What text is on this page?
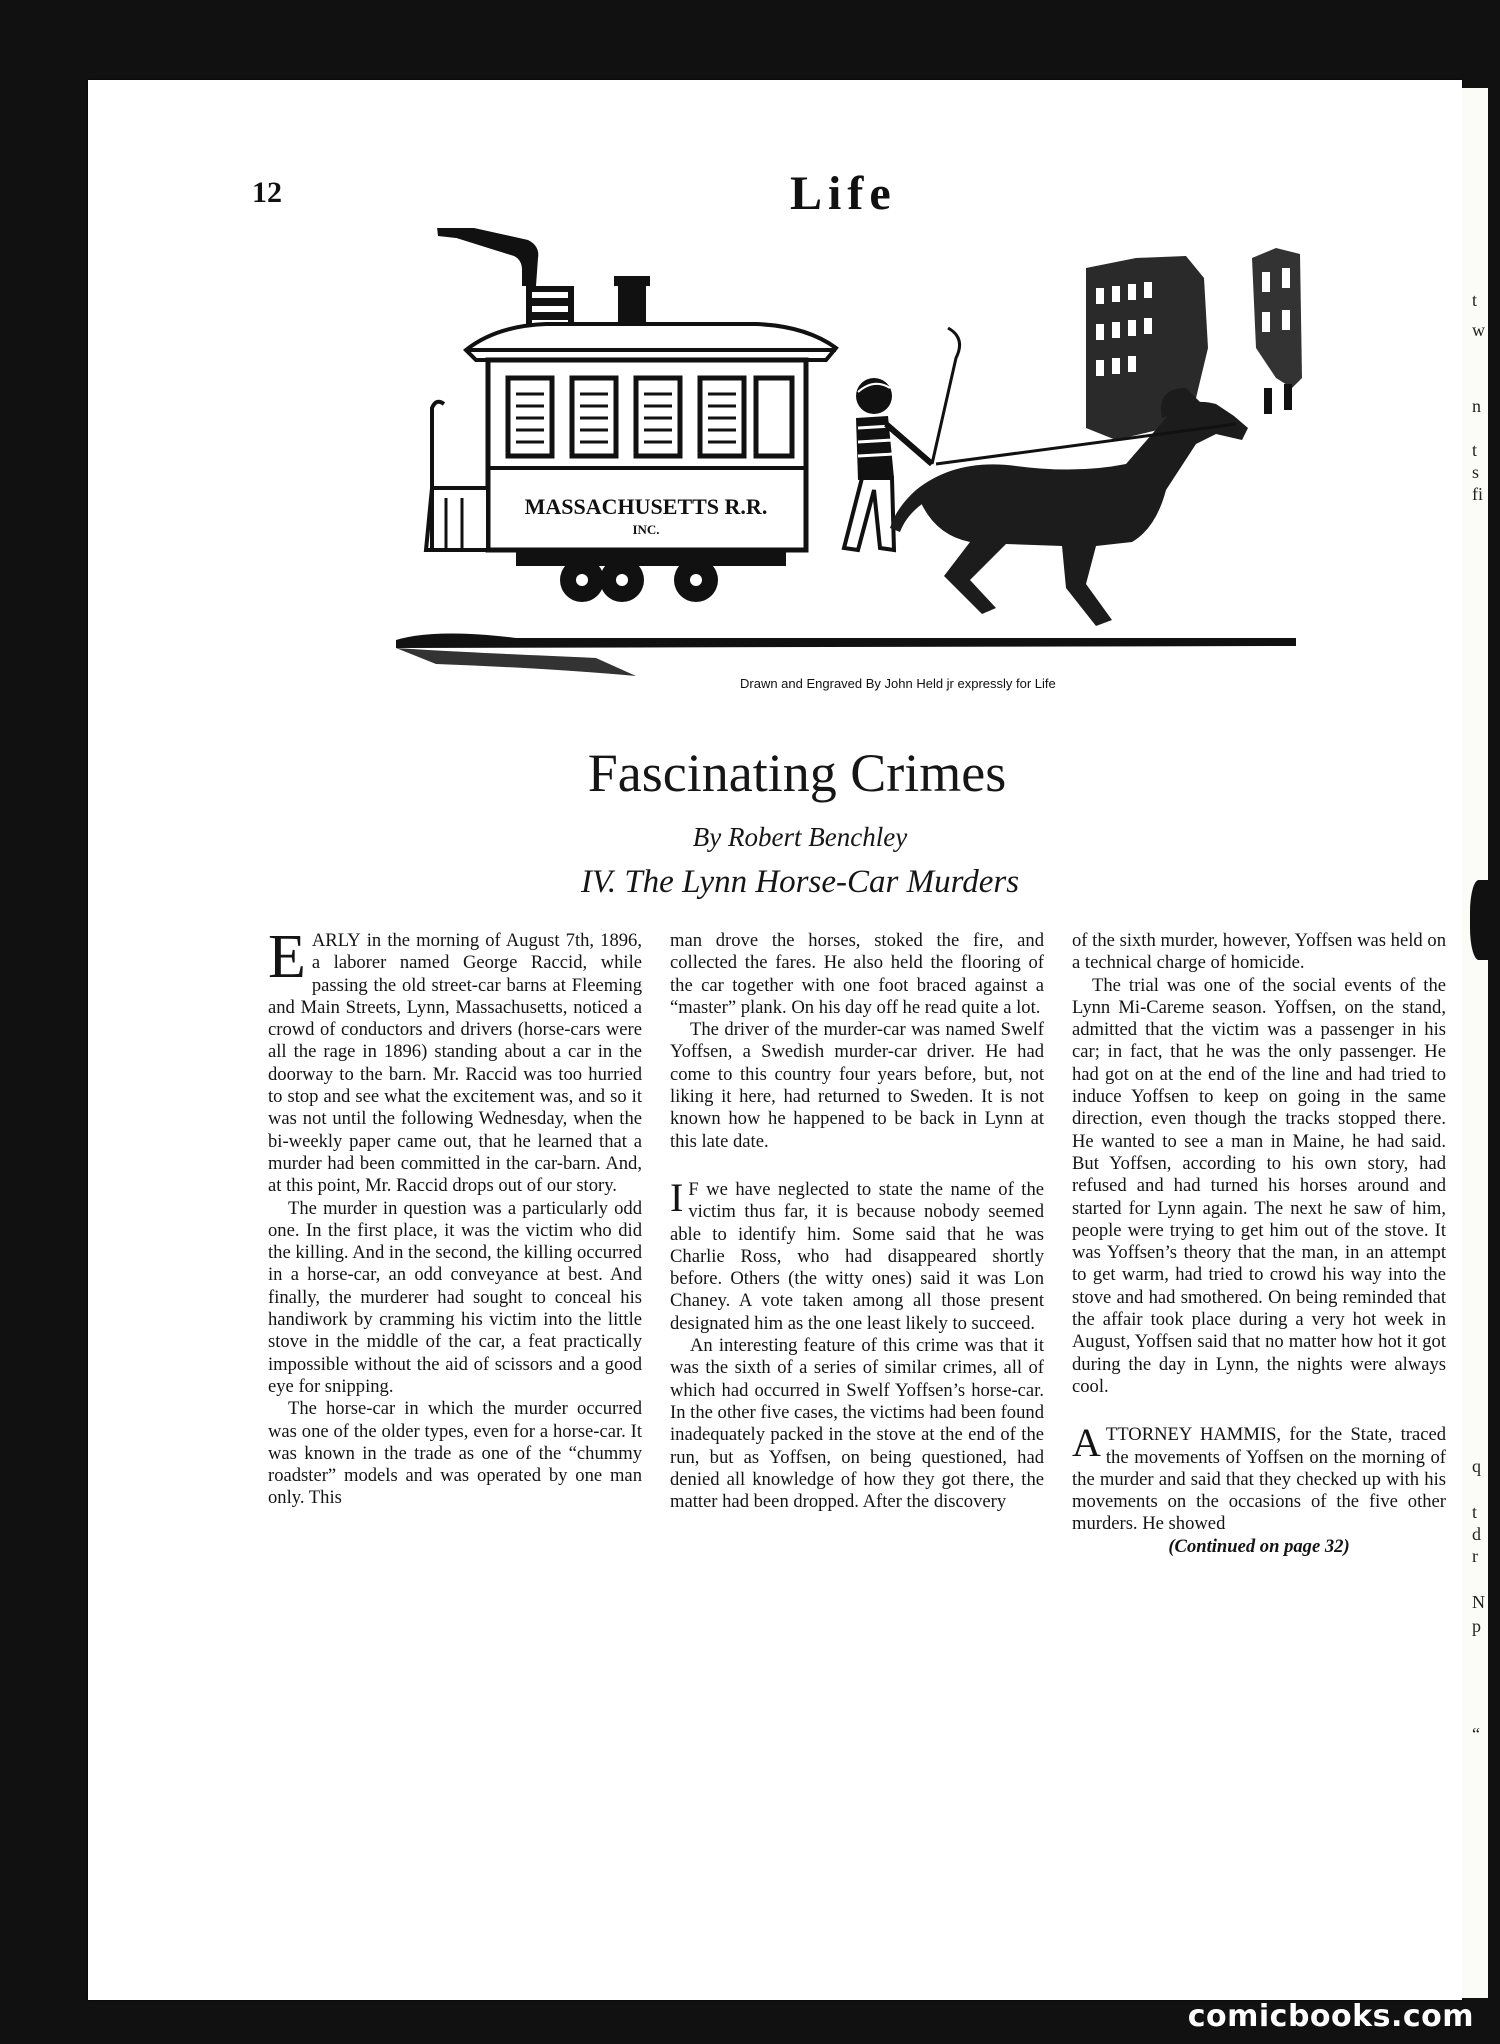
t
w
n
t
s
fi
q
t
d
r
N
p
“
12	Life
MASSACHUSETTS R.R.
INC.
Drawn and Engraved By John Held jr expressly for Life
Fascinating Crimes
By Robert Benchley
IV. The Lynn Horse-Car Murders

EARLY in the morning of August 7th, 1896, a laborer named George Raccid, while passing the old street-car barns at Fleeming and Main Streets, Lynn, Massachusetts, noticed a crowd of conductors and drivers (horse-cars were all the rage in 1896) standing about a car in the doorway to the barn. Mr. Raccid was too hurried to stop and see what the excitement was, and so it was not until the following Wednesday, when the bi-weekly paper came out, that he learned that a murder had been committed in the car-barn. And, at this point, Mr. Raccid drops out of our story.

The murder in question was a particularly odd one. In the first place, it was the victim who did the killing. And in the second, the killing occurred in a horse-car, an odd conveyance at best. And finally, the murderer had sought to conceal his handiwork by cramming his victim into the little stove in the middle of the car, a feat practically impossible without the aid of scissors and a good eye for snipping.

The horse-car in which the murder occurred was one of the older types, even for a horse-car. It was known in the trade as one of the “chummy roadster” models and was operated by one man only. This

man drove the horses, stoked the fire, and collected the fares. He also held the flooring of the car together with one foot braced against a “master” plank. On his day off he read quite a lot.

The driver of the murder-car was named Swelf Yoffsen, a Swedish murder-car driver. He had come to this country four years before, but, not liking it here, had returned to Sweden. It is not known how he happened to be back in Lynn at this late date.

I F we have neglected to state the name of the victim thus far, it is because nobody seemed able to identify him. Some said that he was Charlie Ross, who had disappeared shortly before. Others (the witty ones) said it was Lon Chaney. A vote taken among all those present designated him as the one least likely to succeed.

An interesting feature of this crime was that it was the sixth of a series of similar crimes, all of which had occurred in Swelf Yoffsen’s horse-car. In the other five cases, the victims had been found inadequately packed in the stove at the end of the run, but as Yoffsen, on being questioned, had denied all knowledge of how they got there, the matter had been dropped. After the discovery

of the sixth murder, however, Yoffsen was held on a technical charge of homicide.

The trial was one of the social events of the Lynn Mi-Careme season. Yoffsen, on the stand, admitted that the victim was a passenger in his car; in fact, that he was the only passenger. He had got on at the end of the line and had tried to induce Yoffsen to keep on going in the same direction, even though the tracks stopped there. He wanted to see a man in Maine, he had said. But Yoffsen, according to his own story, had refused and had turned his horses around and started for Lynn again. The next he saw of him, people were trying to get him out of the stove. It was Yoffsen’s theory that the man, in an attempt to get warm, had tried to crowd his way into the stove and had smothered. On being reminded that the affair took place during a very hot week in August, Yoffsen said that no matter how hot it got during the day in Lynn, the nights were always cool.

ATTORNEY HAMMIS, for the State, traced the movements of Yoffsen on the morning of the murder and said that they checked up with his movements on the occasions of the five other murders. He showed

(Continued on page 32)

comicbooks.com
